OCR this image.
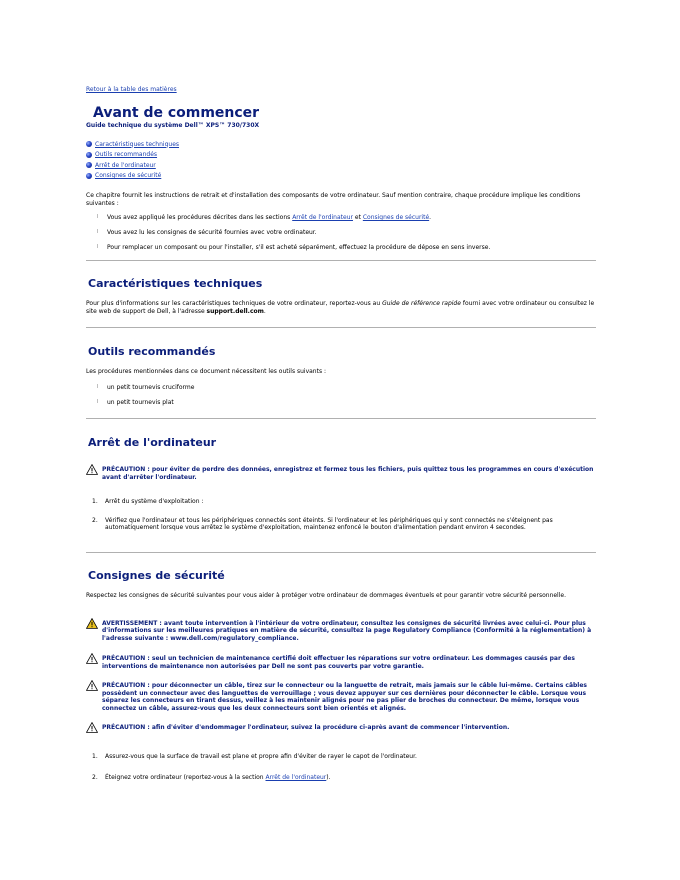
Retour à la table des matières
Avant de commencer
Guide technique du système Dell™ XPS™ 730/730X
Caractéristiques techniques
Outils recommandés
Arrêt de l'ordinateur
Consignes de sécurité

Ce chapitre fournit les instructions de retrait et d'installation des composants de votre ordinateur. Sauf mention contraire, chaque procédure implique les conditions suivantes :

l	Vous avez appliqué les procédures décrites dans les sections Arrêt de l'ordinateur et Consignes de sécurité.
l	Vous avez lu les consignes de sécurité fournies avec votre ordinateur.
l	Pour remplacer un composant ou pour l'installer, s'il est acheté séparément, effectuez la procédure de dépose en sens inverse.
Caractéristiques techniques

Pour plus d'informations sur les caractéristiques techniques de votre ordinateur, reportez-vous au Guide de référence rapide fourni avec votre ordinateur ou consultez le site web de support de Dell, à l'adresse support.dell.com.

Outils recommandés

Les procédures mentionnées dans ce document nécessitent les outils suivants :

l	un petit tournevis cruciforme
l	un petit tournevis plat
Arrêt de l'ordinateur

PRÉCAUTION : pour éviter de perdre des données, enregistrez et fermez tous les fichiers, puis quittez tous les programmes en cours d'exécution avant d'arrêter l'ordinateur.

1.	Arrêt du système d'exploitation :
2.	Vérifiez que l'ordinateur et tous les périphériques connectés sont éteints. Si l'ordinateur et les périphériques qui y sont connectés ne s'éteignent pas automatiquement lorsque vous arrêtez le système d'exploitation, maintenez enfoncé le bouton d'alimentation pendant environ 4 secondes.
Consignes de sécurité

Respectez les consignes de sécurité suivantes pour vous aider à protéger votre ordinateur de dommages éventuels et pour garantir votre sécurité personnelle.

AVERTISSEMENT : avant toute intervention à l'intérieur de votre ordinateur, consultez les consignes de sécurité livrées avec celui-ci. Pour plus d'informations sur les meilleures pratiques en matière de sécurité, consultez la page Regulatory Compliance (Conformité à la réglementation) à l'adresse suivante : www.dell.com/regulatory_compliance.

PRÉCAUTION : seul un technicien de maintenance certifié doit effectuer les réparations sur votre ordinateur. Les dommages causés par des interventions de maintenance non autorisées par Dell ne sont pas couverts par votre garantie.

PRÉCAUTION : pour déconnecter un câble, tirez sur le connecteur ou la languette de retrait, mais jamais sur le câble lui-même. Certains câbles possèdent un connecteur avec des languettes de verrouillage ; vous devez appuyer sur ces dernières pour déconnecter le câble. Lorsque vous séparez les connecteurs en tirant dessus, veillez à les maintenir alignés pour ne pas plier de broches du connecteur. De même, lorsque vous connectez un câble, assurez-vous que les deux connecteurs sont bien orientés et alignés.

PRÉCAUTION : afin d'éviter d'endommager l'ordinateur, suivez la procédure ci-après avant de commencer l'intervention.

1.	Assurez-vous que la surface de travail est plane et propre afin d'éviter de rayer le capot de l'ordinateur.
2.	Éteignez votre ordinateur (reportez-vous à la section Arrêt de l'ordinateur).
